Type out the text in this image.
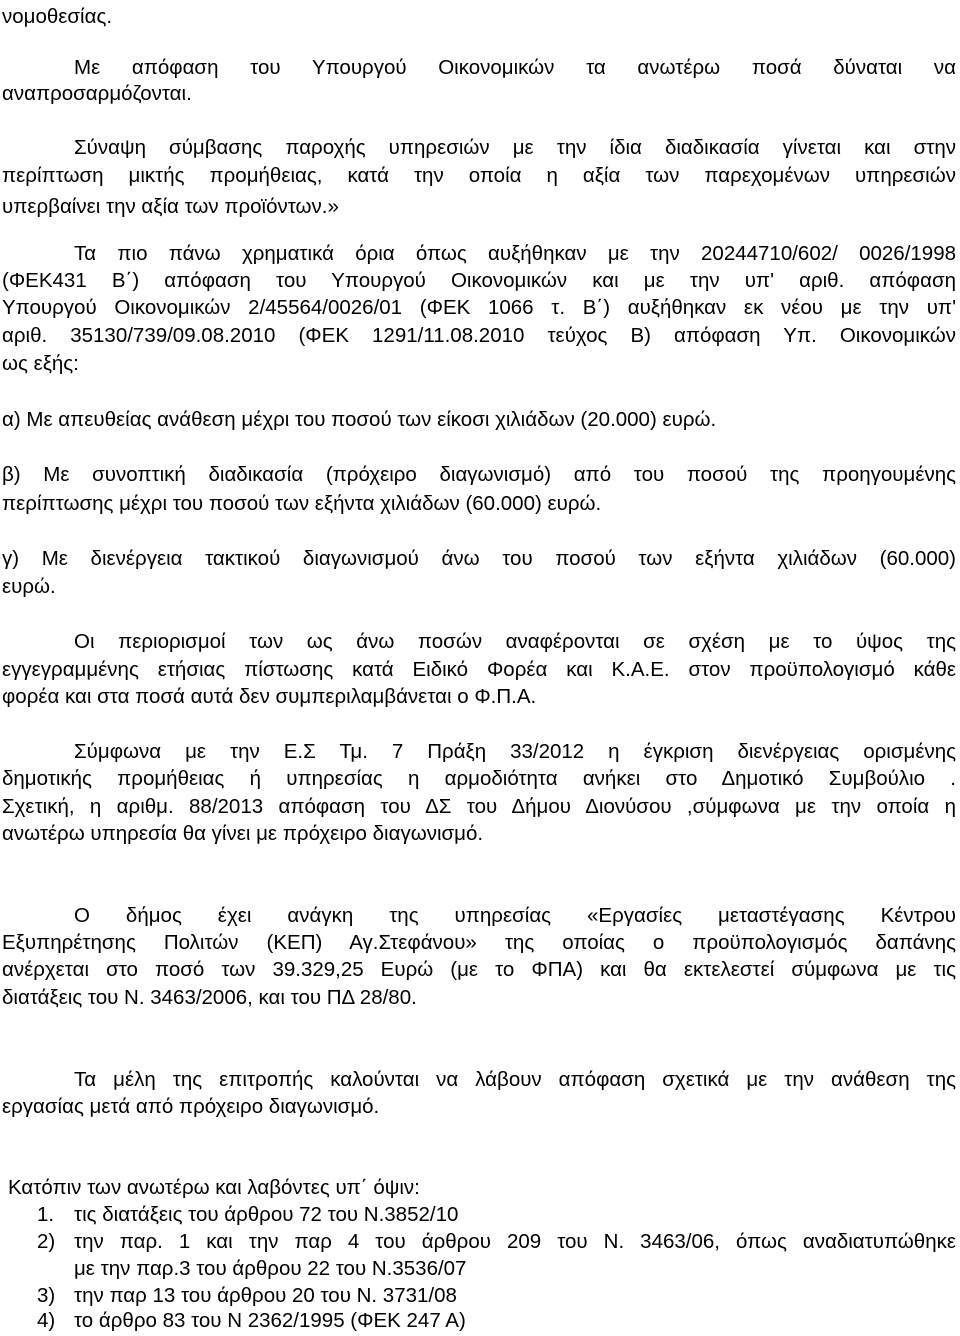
νομοθεσίας.
Με απόφαση του Υπουργού Οικονομικών τα ανωτέρω ποσά δύναται να
αναπροσαρμόζονται.
Σύναψη σύμβασης παροχής υπηρεσιών με την ίδια διαδικασία γίνεται και στην
περίπτωση μικτής προμήθειας, κατά την οποία η αξία των παρεχομένων υπηρεσιών
υπερβαίνει την αξία των προϊόντων.»
Τα πιο πάνω χρηματικά όρια όπως αυξήθηκαν με την 20244710/602/ 0026/1998
(ΦΕΚ431 Β΄) απόφαση του Υπουργού Οικονομικών και με την υπ' αριθ. απόφαση
Υπουργού Οικονομικών 2/45564/0026/01 (ΦΕΚ 1066 τ. Β΄) αυξήθηκαν εκ νέου με την υπ'
αριθ. 35130/739/09.08.2010 (ΦΕΚ 1291/11.08.2010 τεύχος Β) απόφαση Υπ. Οικονομικών
ως εξής:
α) Με απευθείας ανάθεση μέχρι του ποσού των είκοσι χιλιάδων (20.000) ευρώ.
β) Με συνοπτική διαδικασία (πρόχειρο διαγωνισμό) από του ποσού της προηγουμένης
περίπτωσης μέχρι του ποσού των εξήντα χιλιάδων (60.000) ευρώ.
γ) Με διενέργεια τακτικού διαγωνισμού άνω του ποσού των εξήντα χιλιάδων (60.000)
ευρώ.
Οι περιορισμοί των ως άνω ποσών αναφέρονται σε σχέση με το ύψος της
εγγεγραμμένης ετήσιας πίστωσης κατά Ειδικό Φορέα και Κ.Α.Ε. στον προϋπολογισμό κάθε
φορέα και στα ποσά αυτά δεν συμπεριλαμβάνεται ο Φ.Π.Α.
Σύμφωνα με την Ε.Σ Τμ. 7 Πράξη 33/2012 η έγκριση διενέργειας ορισμένης
δημοτικής προμήθειας ή υπηρεσίας η αρμοδιότητα ανήκει στο Δημοτικό Συμβούλιο .
Σχετική, η αριθμ. 88/2013 απόφαση του ΔΣ του Δήμου Διονύσου ,σύμφωνα με την οποία η
ανωτέρω υπηρεσία θα γίνει με πρόχειρο διαγωνισμό.
Ο δήμος έχει ανάγκη της υπηρεσίας «Εργασίες μεταστέγασης Κέντρου
Εξυπηρέτησης Πολιτών (ΚΕΠ) Αγ.Στεφάνου» της οποίας ο προϋπολογισμός δαπάνης
ανέρχεται στο ποσό των 39.329,25 Ευρώ (με το ΦΠΑ) και θα εκτελεστεί σύμφωνα με τις
διατάξεις του Ν. 3463/2006, και του ΠΔ 28/80.
Τα μέλη της επιτροπής καλούνται να λάβουν απόφαση σχετικά με την ανάθεση της
εργασίας μετά από πρόχειρο διαγωνισμό.
Κατόπιν των ανωτέρω και λαβόντες υπ΄ όψιν:
1. τις διατάξεις του άρθρου 72 του Ν.3852/10
2) την παρ. 1 και την παρ 4 του άρθρου 209 του Ν. 3463/06, όπως αναδιατυπώθηκε
με την παρ.3 του άρθρου 22 του Ν.3536/07
3) την παρ 13 του άρθρου 20 του Ν. 3731/08
4) το άρθρο 83 του Ν 2362/1995 (ΦΕΚ 247 Α)
